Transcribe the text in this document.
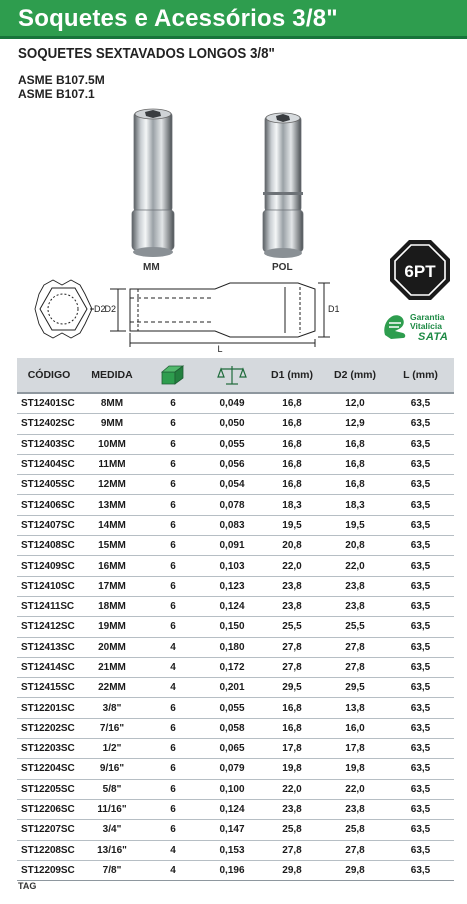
Soquetes e Acessórios 3/8"
SOQUETES SEXTAVADOS LONGOS 3/8"
ASME B107.5M
ASME B107.1
MM	POL	6PT
D2
D2	D1
L
Garantia
Vitalícia
SATA
CÓDIGO	MEDIDA			D1 (mm)	D2 (mm)	L (mm)
ST12401SC	8MM	6	0,049	16,8	12,0	63,5
ST12402SC	9MM	6	0,050	16,8	12,9	63,5
ST12403SC	10MM	6	0,055	16,8	16,8	63,5
ST12404SC	11MM	6	0,056	16,8	16,8	63,5
ST12405SC	12MM	6	0,054	16,8	16,8	63,5
ST12406SC	13MM	6	0,078	18,3	18,3	63,5
ST12407SC	14MM	6	0,083	19,5	19,5	63,5
ST12408SC	15MM	6	0,091	20,8	20,8	63,5
ST12409SC	16MM	6	0,103	22,0	22,0	63,5
ST12410SC	17MM	6	0,123	23,8	23,8	63,5
ST12411SC	18MM	6	0,124	23,8	23,8	63,5
ST12412SC	19MM	6	0,150	25,5	25,5	63,5
ST12413SC	20MM	4	0,180	27,8	27,8	63,5
ST12414SC	21MM	4	0,172	27,8	27,8	63,5
ST12415SC	22MM	4	0,201	29,5	29,5	63,5
ST12201SC	3/8"	6	0,055	16,8	13,8	63,5
ST12202SC	7/16"	6	0,058	16,8	16,0	63,5
ST12203SC	1/2"	6	0,065	17,8	17,8	63,5
ST12204SC	9/16"	6	0,079	19,8	19,8	63,5
ST12205SC	5/8"	6	0,100	22,0	22,0	63,5
ST12206SC	11/16"	6	0,124	23,8	23,8	63,5
ST12207SC	3/4"	6	0,147	25,8	25,8	63,5
ST12208SC	13/16"	4	0,153	27,8	27,8	63,5
ST12209SC	7/8"	4	0,196	29,8	29,8	63,5
TAG
